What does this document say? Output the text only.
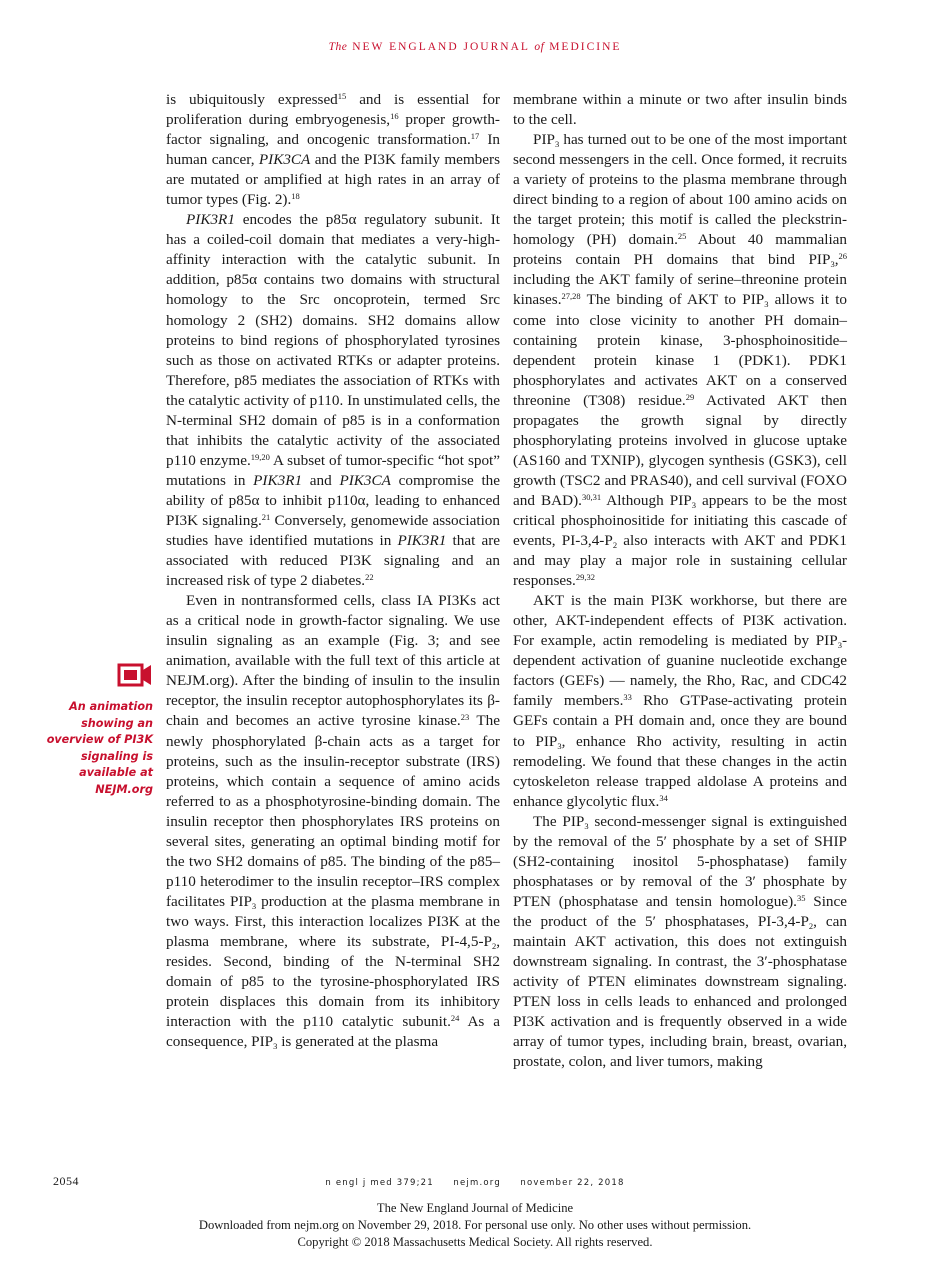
The NEW ENGLAND JOURNAL of MEDICINE

is ubiquitously expressed$^{15}$ and is essential for proliferation during embryogenesis,$^{16}$ proper growth-factor signaling, and oncogenic transformation.$^{17}$ In human cancer, PIK3CA and the PI3K family members are mutated or amplified at high rates in an array of tumor types (Fig. 2).$^{18}$

PIK3R1 encodes the p85α regulatory subunit. It has a coiled-coil domain that mediates a very-high-affinity interaction with the catalytic subunit. In addition, p85α contains two domains with structural homology to the Src oncoprotein, termed Src homology 2 (SH2) domains. SH2 domains allow proteins to bind regions of phosphorylated tyrosines such as those on activated RTKs or adapter proteins. Therefore, p85 mediates the association of RTKs with the catalytic activity of p110. In unstimulated cells, the N-terminal SH2 domain of p85 is in a conformation that inhibits the catalytic activity of the associated p110 enzyme.$^{19,20}$ A subset of tumor-specific “hot spot” mutations in PIK3R1 and PIK3CA compromise the ability of p85α to inhibit p110α, leading to enhanced PI3K signaling.$^{21}$ Conversely, genomewide association studies have identified mutations in PIK3R1 that are associated with reduced PI3K signaling and an increased risk of type 2 diabetes.$^{22}$

Even in nontransformed cells, class IA PI3Ks act as a critical node in growth-factor signaling. We use insulin signaling as an example (Fig. 3; and see animation, available with the full text of this article at NEJM.org). After the binding of insulin to the insulin receptor, the insulin receptor autophosphorylates its β-chain and becomes an active tyrosine kinase.$^{23}$ The newly phosphorylated β-chain acts as a target for proteins, such as the insulin-receptor substrate (IRS) proteins, which contain a sequence of amino acids referred to as a phosphotyrosine-binding domain. The insulin receptor then phosphorylates IRS proteins on several sites, generating an optimal binding motif for the two SH2 domains of p85. The binding of the p85–p110 heterodimer to the insulin receptor–IRS complex facilitates $PIP_3$ production at the plasma membrane in two ways. First, this interaction localizes PI3K at the plasma membrane, where its substrate, $PI-4,5-P_2$, resides. Second, binding of the N-terminal SH2 domain of p85 to the tyrosine-phosphorylated IRS protein displaces this domain from its inhibitory interaction with the p110 catalytic subunit.$^{24}$ As a consequence, $PIP_3$ is generated at the plasma

An animation showing an overview of PI3K signaling is available at NEJM.org

membrane within a minute or two after insulin binds to the cell.

$PIP_3$ has turned out to be one of the most important second messengers in the cell. Once formed, it recruits a variety of proteins to the plasma membrane through direct binding to a region of about 100 amino acids on the target protein; this motif is called the pleckstrin-homology (PH) domain.$^{25}$ About 40 mammalian proteins contain PH domains that bind $PIP_3,^{26}$ including the AKT family of serine–threonine protein kinases.$^{27,28}$ The binding of AKT to $PIP_3$ allows it to come into close vicinity to another PH domain–containing protein kinase, 3-phosphoinositide–dependent protein kinase 1 (PDK1). PDK1 phosphorylates and activates AKT on a conserved threonine (T308) residue.$^{29}$ Activated AKT then propagates the growth signal by directly phosphorylating proteins involved in glucose uptake (AS160 and TXNIP), glycogen synthesis (GSK3), cell growth (TSC2 and PRAS40), and cell survival (FOXO and BAD).$^{30,31}$ Although $PIP_3$ appears to be the most critical phosphoinositide for initiating this cascade of events, $PI-3,4-P_2$ also interacts with AKT and PDK1 and may play a major role in sustaining cellular responses.$^{29,32}$

AKT is the main PI3K workhorse, but there are other, AKT-independent effects of PI3K activation. For example, actin remodeling is mediated by $PIP_3$-dependent activation of guanine nucleotide exchange factors (GEFs) — namely, the Rho, Rac, and CDC42 family members.$^{33}$ Rho GTPase-activating protein GEFs contain a PH domain and, once they are bound to $PIP_3$, enhance Rho activity, resulting in actin remodeling. We found that these changes in the actin cytoskeleton release trapped aldolase A proteins and enhance glycolytic flux.$^{34}$

The $PIP_3$ second-messenger signal is extinguished by the removal of the 5′ phosphate by a set of SHIP (SH2-containing inositol 5-phosphatase) family phosphatases or by removal of the 3′ phosphate by PTEN (phosphatase and tensin homologue).$^{35}$ Since the product of the 5′ phosphatases, $PI-3,4-P_2$, can maintain AKT activation, this does not extinguish downstream signaling. In contrast, the 3′-phosphatase activity of PTEN eliminates downstream signaling. PTEN loss in cells leads to enhanced and prolonged PI3K activation and is frequently observed in a wide array of tumor types, including brain, breast, ovarian, prostate, colon, and liver tumors, making

2054	n engl j med 379;21     nejm.org     november 22, 2018
The New England Journal of Medicine
Downloaded from nejm.org on November 29, 2018. For personal use only. No other uses without permission.
Copyright © 2018 Massachusetts Medical Society. All rights reserved.
